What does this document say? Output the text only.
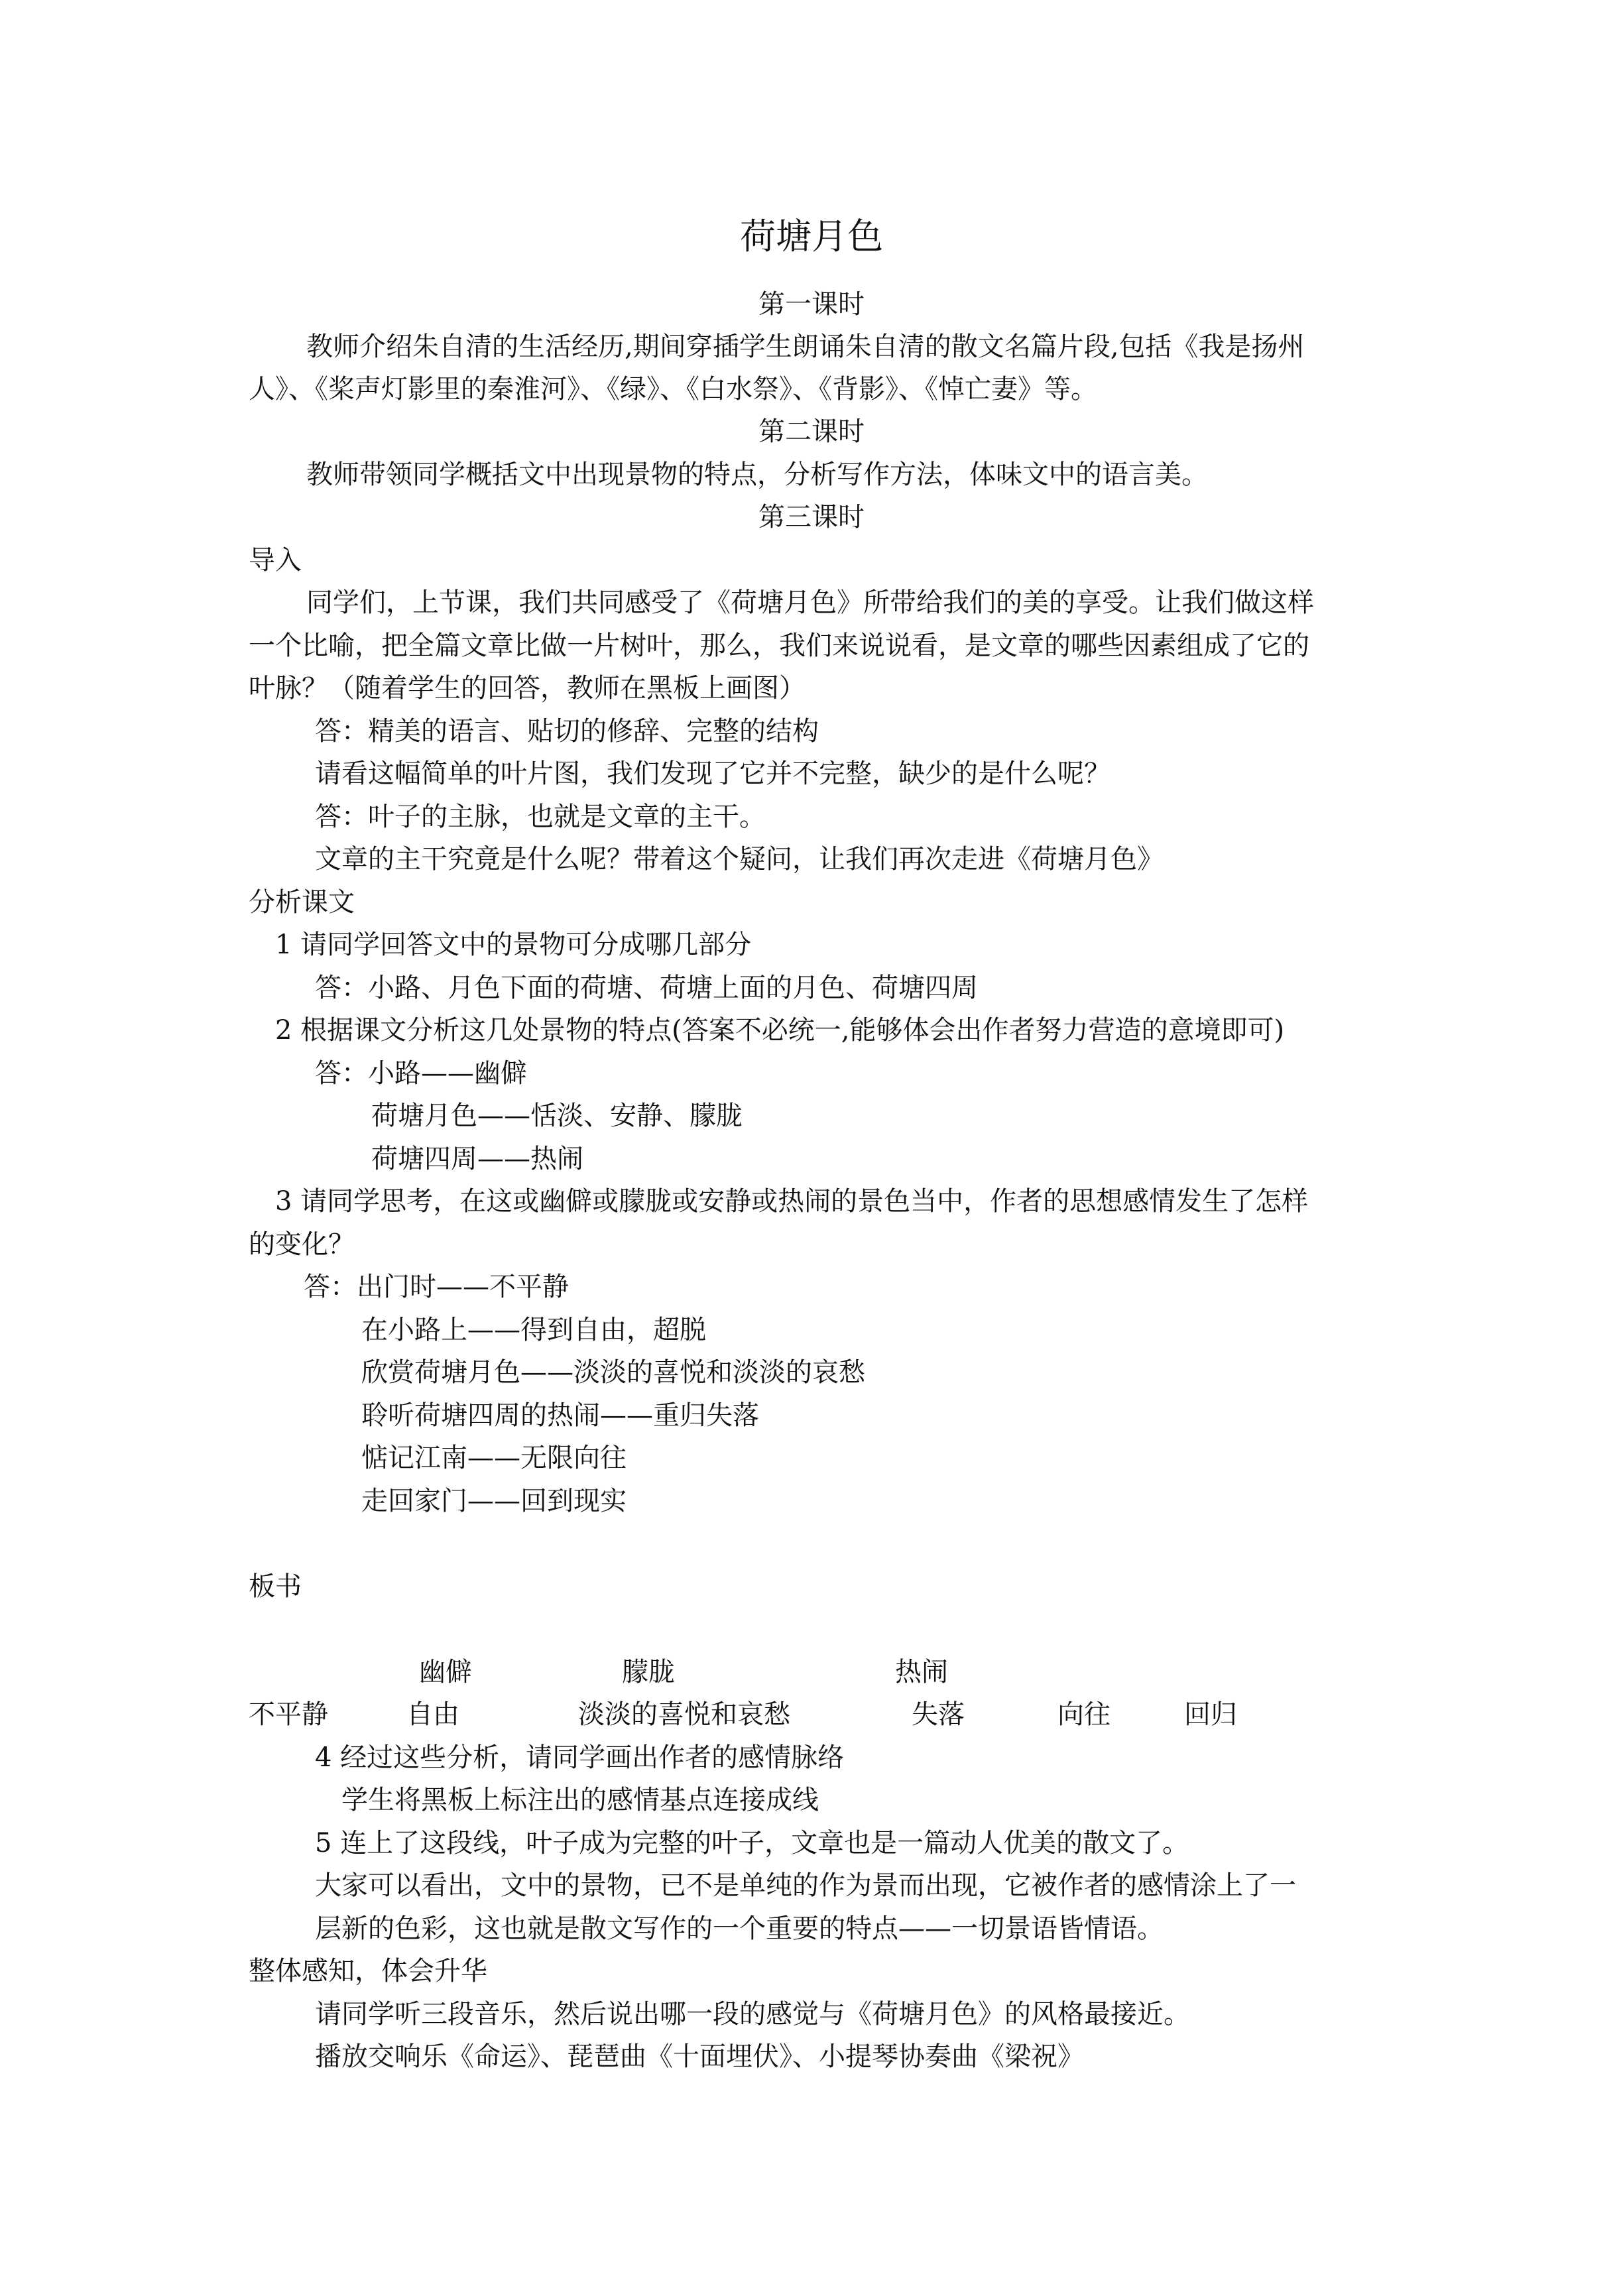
荷塘月色
第一课时
教师介绍朱自清的生活经历,期间穿插学生朗诵朱自清的散文名篇片段,包括《我是扬州
人》、《桨声灯影里的秦淮河》、《绿》、《白水祭》、《背影》、《悼亡妻》等。
第二课时
教师带领同学概括文中出现景物的特点，分析写作方法，体味文中的语言美。
第三课时
导入
同学们，上节课，我们共同感受了《荷塘月色》所带给我们的美的享受。让我们做这样
一个比喻，把全篇文章比做一片树叶，那么，我们来说说看，是文章的哪些因素组成了它的
叶脉？（随着学生的回答，教师在黑板上画图）
答：精美的语言、贴切的修辞、完整的结构
请看这幅简单的叶片图，我们发现了它并不完整，缺少的是什么呢？
答：叶子的主脉，也就是文章的主干。
文章的主干究竟是什么呢？带着这个疑问，让我们再次走进《荷塘月色》
分析课文
1 请同学回答文中的景物可分成哪几部分
答：小路、月色下面的荷塘、荷塘上面的月色、荷塘四周
2 根据课文分析这几处景物的特点(答案不必统一,能够体会出作者努力营造的意境即可)
答：小路——幽僻
荷塘月色——恬淡、安静、朦胧
荷塘四周——热闹
3 请同学思考，在这或幽僻或朦胧或安静或热闹的景色当中，作者的思想感情发生了怎样
的变化？
答：出门时——不平静
在小路上——得到自由，超脱
欣赏荷塘月色——淡淡的喜悦和淡淡的哀愁
聆听荷塘四周的热闹——重归失落
惦记江南——无限向往
走回家门——回到现实
板书
幽僻	朦胧	热闹
不平静	自由	淡淡的喜悦和哀愁	失落	向往	回归
4 经过这些分析，请同学画出作者的感情脉络
学生将黑板上标注出的感情基点连接成线
5 连上了这段线，叶子成为完整的叶子，文章也是一篇动人优美的散文了。
大家可以看出，文中的景物，已不是单纯的作为景而出现，它被作者的感情涂上了一
层新的色彩，这也就是散文写作的一个重要的特点——一切景语皆情语。
整体感知，体会升华
请同学听三段音乐，然后说出哪一段的感觉与《荷塘月色》的风格最接近。
播放交响乐《命运》、琵琶曲《十面埋伏》、小提琴协奏曲《梁祝》
